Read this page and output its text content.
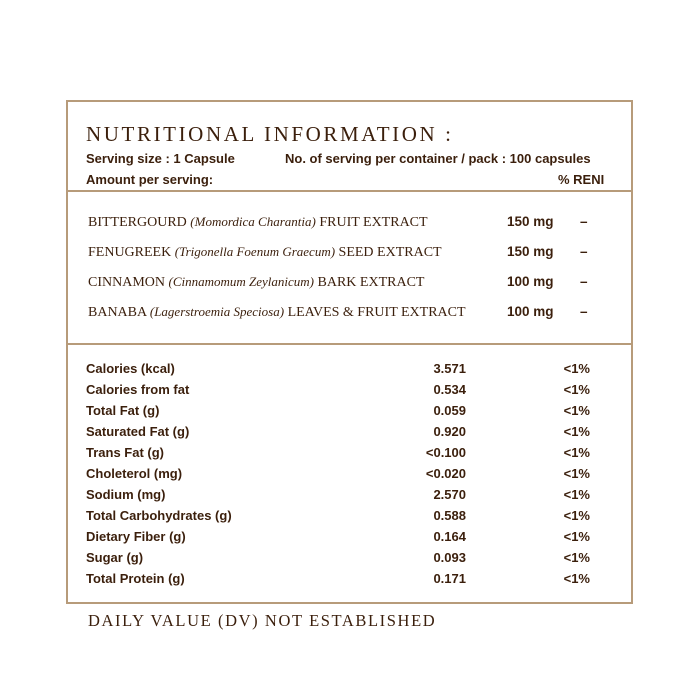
NUTRITIONAL INFORMATION :
Serving size : 1 Capsule	No. of serving per container / pack : 100 capsules
Amount per serving:	% RENI
BITTERGOURD (Momordica Charantia) FRUIT EXTRACT	150 mg –
FENUGREEK (Trigonella Foenum Graecum) SEED EXTRACT	150 mg –
CINNAMON (Cinnamomum Zeylanicum) BARK EXTRACT	100 mg –
BANABA (Lagerstroemia Speciosa) LEAVES & FRUIT EXTRACT	100 mg –
Calories (kcal)	3.571	<1%
Calories from fat	0.534	<1%
Total Fat (g)	0.059	<1%
Saturated Fat (g)	0.920	<1%
Trans Fat (g)	<0.100	<1%
Choleterol (mg)	<0.020	<1%
Sodium (mg)	2.570	<1%
Total Carbohydrates (g)	0.588	<1%
Dietary Fiber (g)	0.164	<1%
Sugar (g)	0.093	<1%
Total Protein (g)	0.171	<1%
DAILY VALUE (DV) NOT ESTABLISHED
